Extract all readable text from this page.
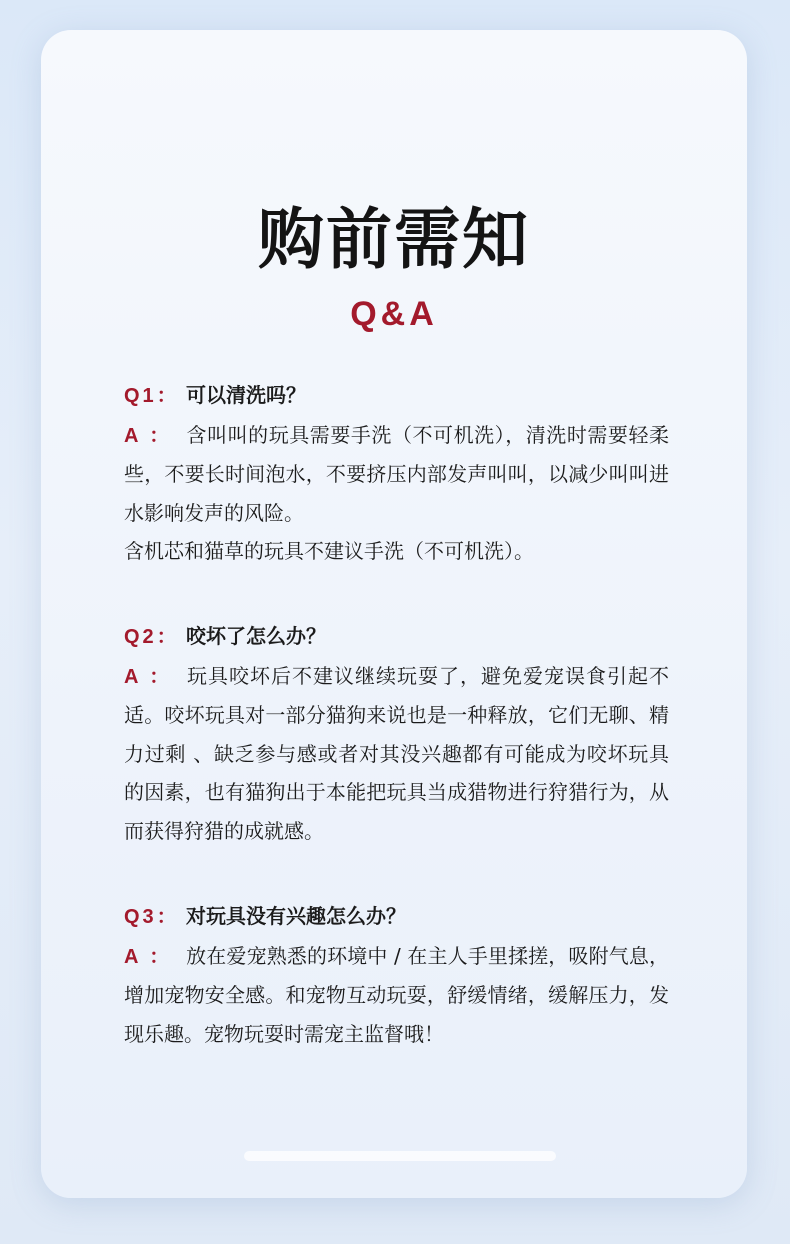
购前需知
Q&A
Q1： 可以清洗吗？
A ： 含叫叫的玩具需要手洗（不可机洗），清洗时需要轻柔些，不要长时间泡水，不要挤压内部发声叫叫，以减少叫叫进水影响发声的风险。
含机芯和猫草的玩具不建议手洗（不可机洗）。
Q2： 咬坏了怎么办？
A ： 玩具咬坏后不建议继续玩耍了，避免爱宠误食引起不适。咬坏玩具对一部分猫狗来说也是一种释放，它们无聊、精力过剩 、缺乏参与感或者对其没兴趣都有可能成为咬坏玩具的因素，也有猫狗出于本能把玩具当成猎物进行狩猎行为，从而获得狩猎的成就感。
Q3： 对玩具没有兴趣怎么办？
A ： 放在爱宠熟悉的环境中 / 在主人手里揉搓，吸附气息，增加宠物安全感。和宠物互动玩耍，舒缓情绪，缓解压力，发现乐趣。宠物玩耍时需宠主监督哦！
